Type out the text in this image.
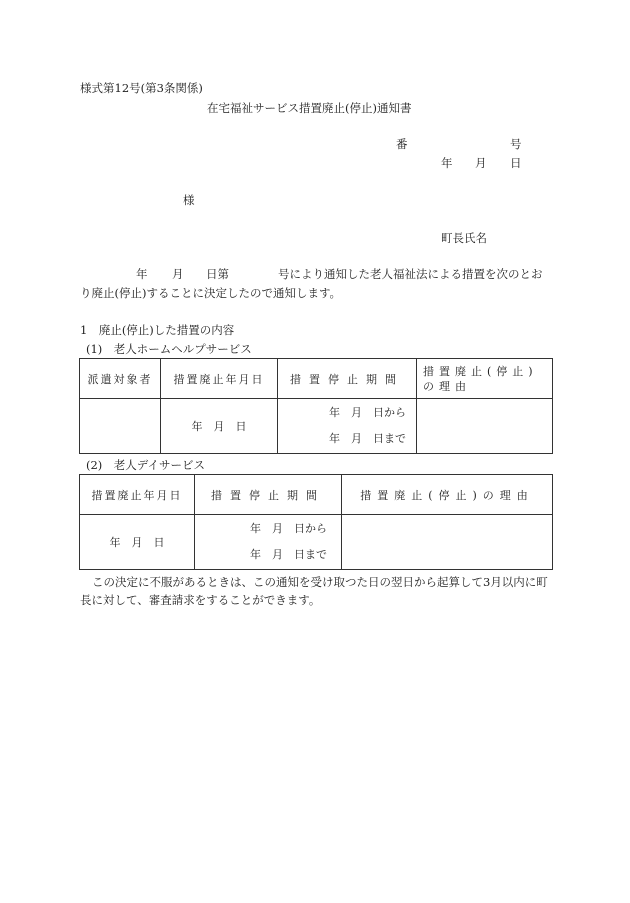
様式第12号(第3条関係)
在宅福祉サービス措置廃止(停止)通知書
番	号
年 月 日
様
町長氏名
年 月 日第	号により通知した老人福祉法による措置を次のとお
り廃止(停止)することに決定したので通知します。
1　廃止(停止)した措置の内容
(1)　老人ホームヘルプサービス
派遣対象者	措置廃止年月日	措置停止期間	措置廃止(停止)の理由
	年　月　日	年　月　日から
年　月　日まで	

(2)　老人デイサービス
措置廃止年月日	措置停止期間	措置廃止(停止)の理由
年　月　日	年　月　日から
年　月　日まで	

この決定に不服があるときは、この通知を受け取つた日の翌日から起算して3月以内に町長に対して、審査請求をすることができます。
